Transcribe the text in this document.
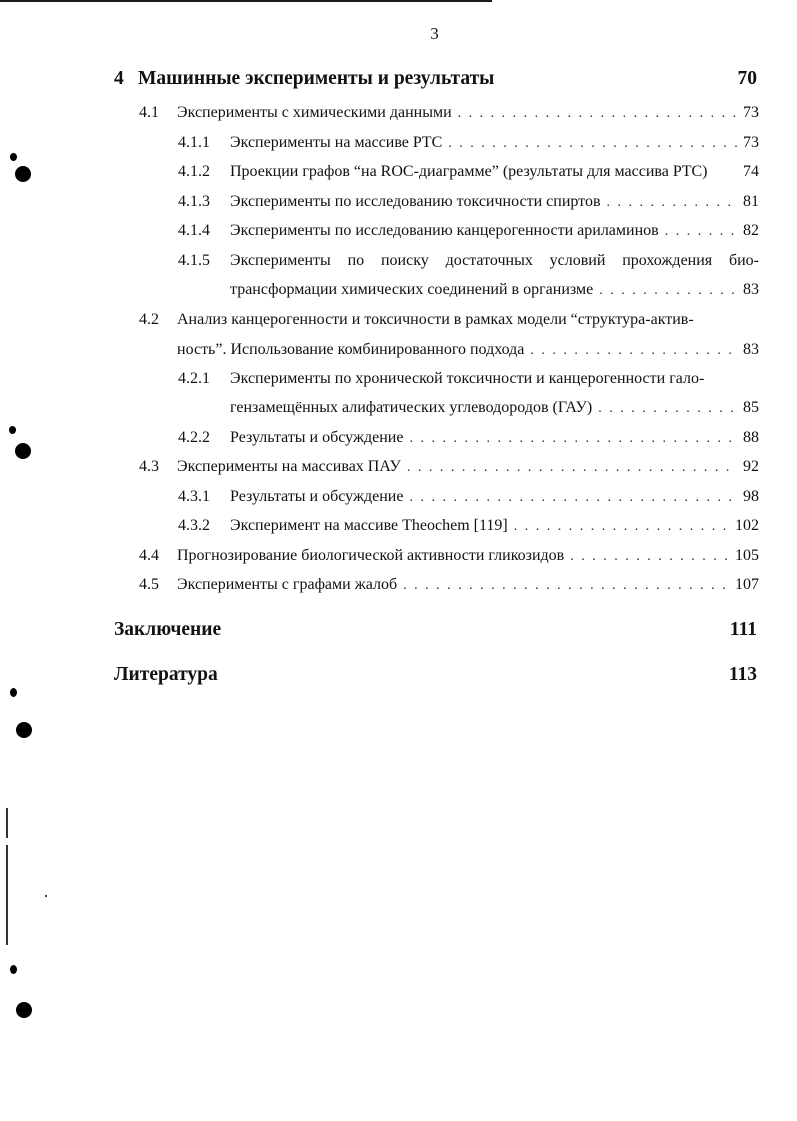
3
4 Машинные эксперименты и результаты	70
4.1	Эксперименты с химическими данными . . .	73
4.1.1	Эксперименты на массиве PTC . . .	73
4.1.2	Проекции графов “на ROC-диаграмме” (результаты для массива PTC) 74
4.1.3	Эксперименты по исследованию токсичности спиртов . . .	81
4.1.4	Эксперименты по исследованию канцерогенности ариламинов . . .	82
4.1.5	Эксперименты по поиску достаточных условий прохождения био-
трансформации химических соединений в организме . . .	83
4.2	Анализ канцерогенности и токсичности в рамках модели “структура-актив-
ность”. Использование комбинированного подхода . . .	83
4.2.1	Эксперименты по хронической токсичности и канцерогенности гало-
гензамещённых алифатических углеводородов (ГАУ) . . .	85
4.2.2	Результаты и обсуждение . . .	88
4.3	Эксперименты на массивах ПАУ . . .	92
4.3.1	Результаты и обсуждение . . .	98
4.3.2	Эксперимент на массиве Theochem [119] . . .	102
4.4	Прогнозирование биологической активности гликозидов . . .	105
4.5	Эксперименты с графами жалоб . . .	107
Заключение	111
Литература	113
